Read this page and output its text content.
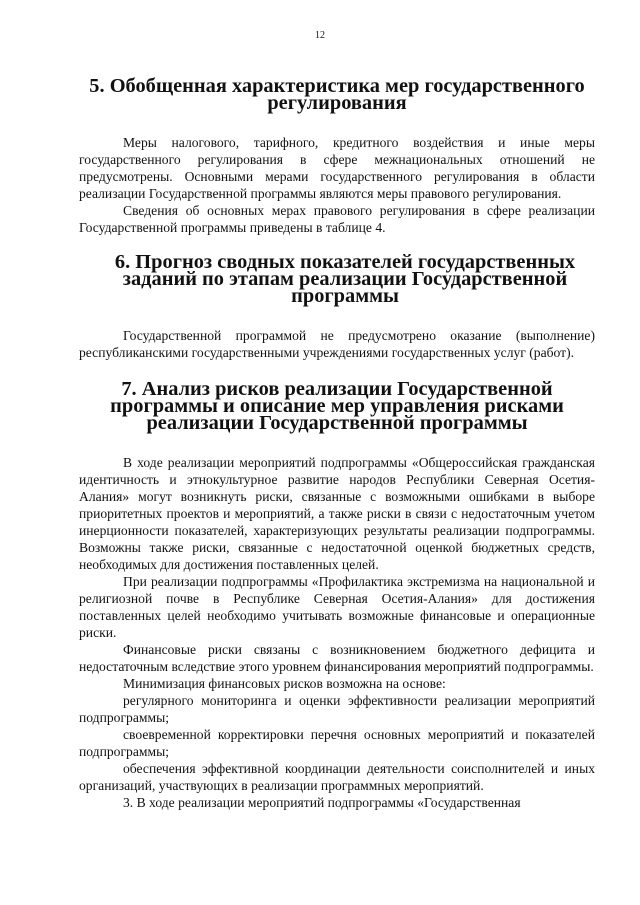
12
5. Обобщенная характеристика мер государственного регулирования

Меры налогового, тарифного, кредитного воздействия и иные меры государственного регулирования в сфере межнациональных отношений не предусмотрены. Основными мерами государственного регулирования в области реализации Государственной программы являются меры правового регулирования.

Сведения об основных мерах правового регулирования в сфере реализации Государственной программы приведены в таблице 4.

6. Прогноз сводных показателей государственных заданий по этапам реализации Государственной программы

Государственной программой не предусмотрено оказание (выполнение) республиканскими государственными учреждениями государственных услуг (работ).

7. Анализ рисков реализации Государственной программы и описание мер управления рисками реализации Государственной программы

В ходе реализации мероприятий подпрограммы «Общероссийская гражданская идентичность и этнокультурное развитие народов Республики Северная Осетия-Алания» могут возникнуть риски, связанные с возможными ошибками в выборе приоритетных проектов и мероприятий, а также риски в связи с недостаточным учетом инерционности показателей, характеризующих результаты реализации подпрограммы. Возможны также риски, связанные с недостаточной оценкой бюджетных средств, необходимых для достижения поставленных целей.

При реализации подпрограммы «Профилактика экстремизма на национальной и религиозной почве в Республике Северная Осетия-Алания» для достижения поставленных целей необходимо учитывать возможные финансовые и операционные риски.

Финансовые риски связаны с возникновением бюджетного дефицита и недостаточным вследствие этого уровнем финансирования мероприятий подпрограммы.

Минимизация финансовых рисков возможна на основе:

регулярного мониторинга и оценки эффективности реализации мероприятий подпрограммы;

своевременной корректировки перечня основных мероприятий и показателей подпрограммы;

обеспечения эффективной координации деятельности соисполнителей и иных организаций, участвующих в реализации программных мероприятий.

3. В ходе реализации мероприятий подпрограммы «Государственная
